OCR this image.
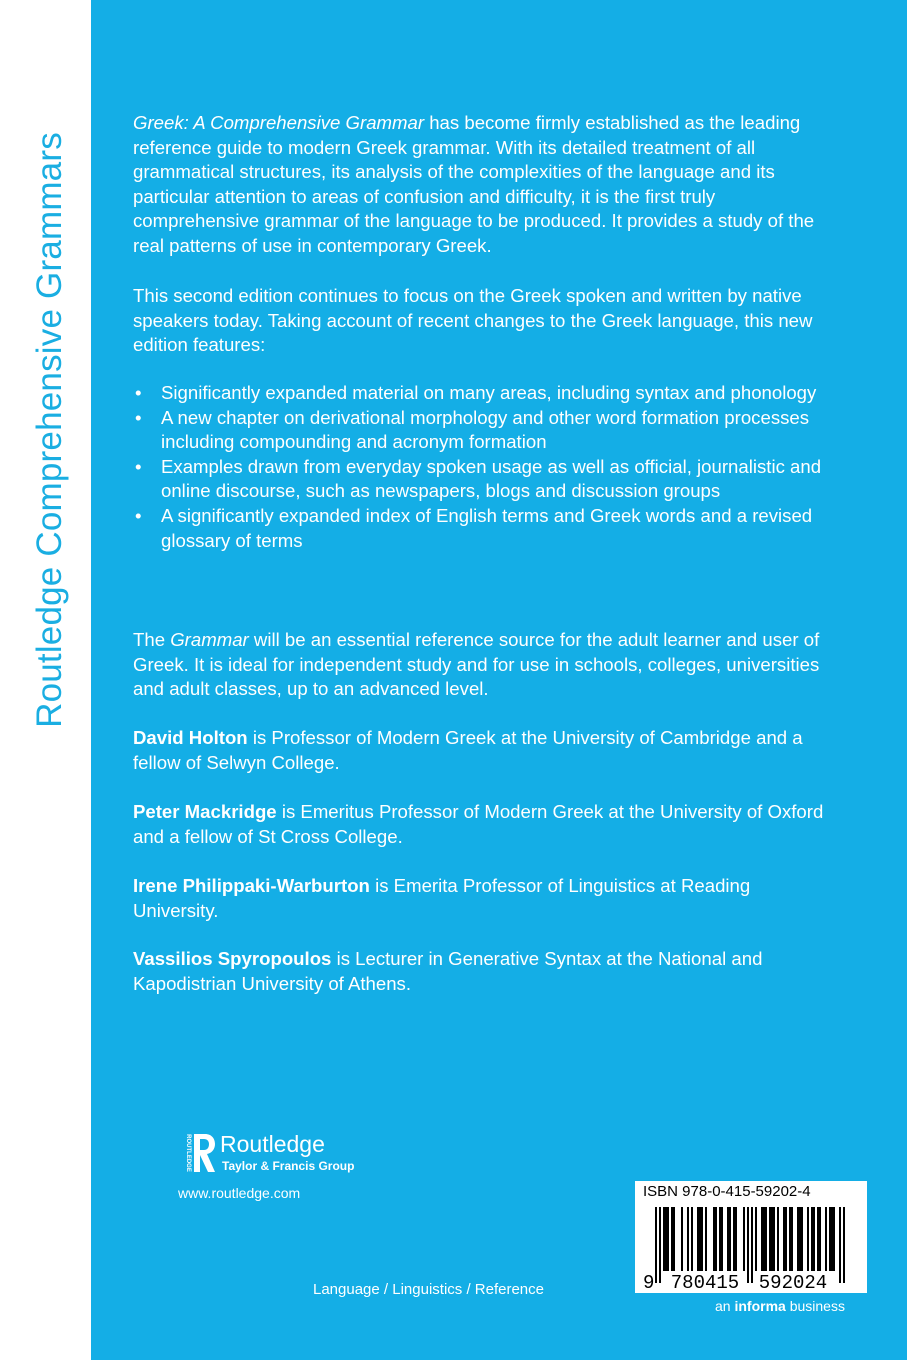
Routledge Comprehensive Grammars
Greek: A Comprehensive Grammar has become firmly established as the leading reference guide to modern Greek grammar. With its detailed treatment of all grammatical structures, its analysis of the complexities of the language and its particular attention to areas of confusion and difficulty, it is the first truly comprehensive grammar of the language to be produced. It provides a study of the real patterns of use in contemporary Greek.
This second edition continues to focus on the Greek spoken and written by native speakers today. Taking account of recent changes to the Greek language, this new edition features:
• Significantly expanded material on many areas, including syntax and phonology
• A new chapter on derivational morphology and other word formation processes including compounding and acronym formation
• Examples drawn from everyday spoken usage as well as official, journalistic and online discourse, such as newspapers, blogs and discussion groups
• A significantly expanded index of English terms and Greek words and a revised glossary of terms
The Grammar will be an essential reference source for the adult learner and user of Greek. It is ideal for independent study and for use in schools, colleges, universities and adult classes, up to an advanced level.
David Holton is Professor of Modern Greek at the University of Cambridge and a fellow of Selwyn College.
Peter Mackridge is Emeritus Professor of Modern Greek at the University of Oxford and a fellow of St Cross College.
Irene Philippaki-Warburton is Emerita Professor of Linguistics at Reading University.
Vassilios Spyropoulos is Lecturer in Generative Syntax at the National and Kapodistrian University of Athens.
ROUTLEDGE Routledge
Taylor & Francis Group
www.routledge.com
Language / Linguistics / Reference	9 780415 592024
ISBN 978-0-415-59202-4
an informa business
